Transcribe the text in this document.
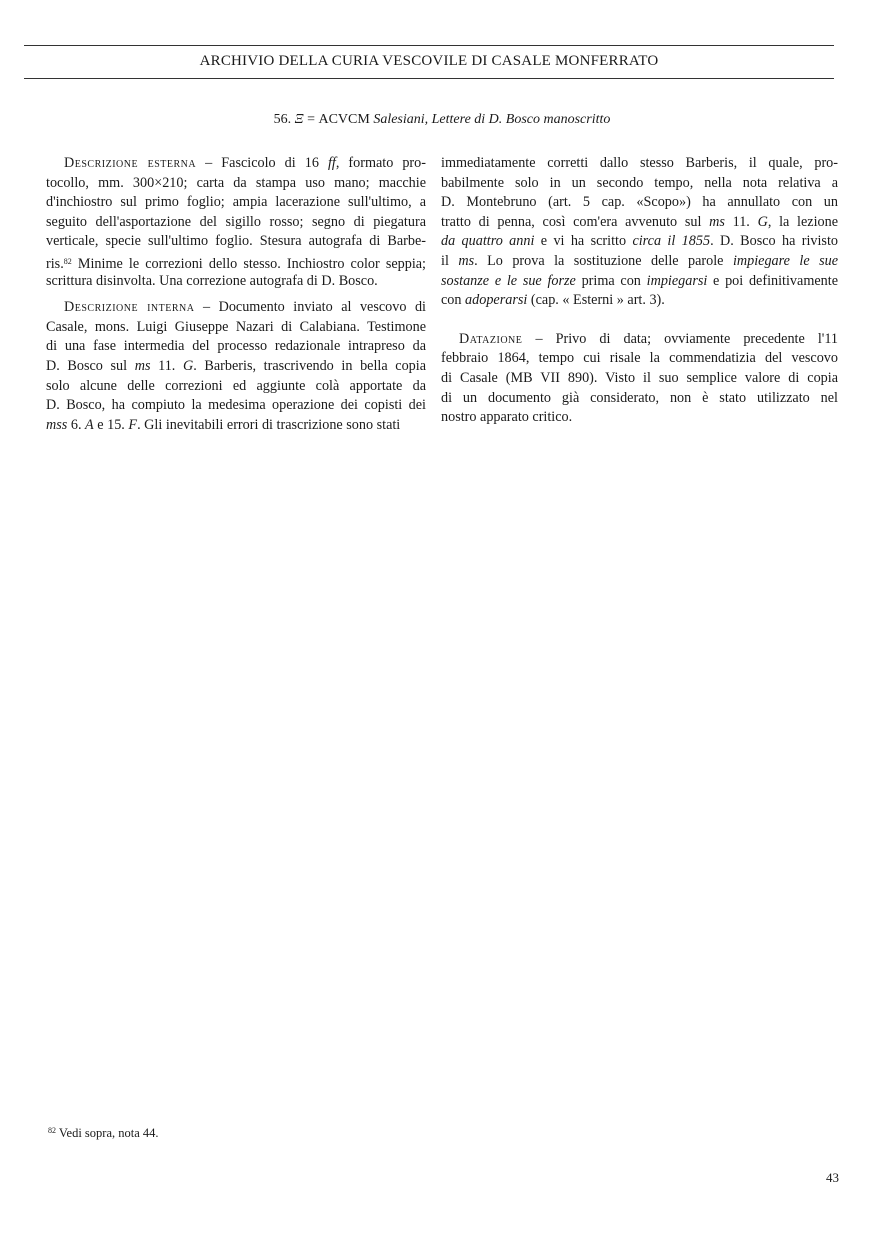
ARCHIVIO DELLA CURIA VESCOVILE DI CASALE MONFERRATO
56. Ξ = ACVCM Salesiani, Lettere di D. Bosco manoscritto
Descrizione esterna – Fascicolo di 16 ff, formato pro-
tocollo, mm. 300×210; carta da stampa uso mano; macchie
d'inchiostro sul primo foglio; ampia lacerazione sull'ultimo, a
seguito dell'asportazione del sigillo rosso; segno di piegatura
verticale, specie sull'ultimo foglio. Stesura autografa di Barbe-
ris.$^{82}$ Minime le correzioni dello stesso. Inchiostro color seppia;
scrittura disinvolta. Una correzione autografa di D. Bosco.
Descrizione interna – Documento inviato al vescovo di
Casale, mons. Luigi Giuseppe Nazari di Calabiana. Testimone
di una fase intermedia del processo redazionale intrapreso da
D. Bosco sul ms 11. G. Barberis, trascrivendo in bella copia
solo alcune delle correzioni ed aggiunte colà apportate da
D. Bosco, ha compiuto la medesima operazione dei copisti dei
mss 6. A e 15. F. Gli inevitabili errori di trascrizione sono stati
immediatamente corretti dallo stesso Barberis, il quale, pro-
babilmente solo in un secondo tempo, nella nota relativa a
D. Montebruno (art. 5 cap. «Scopo») ha annullato con un
tratto di penna, così com'era avvenuto sul ms 11. G, la lezione
da quattro anni e vi ha scritto circa il 1855. D. Bosco ha rivisto
il ms. Lo prova la sostituzione delle parole impiegare le sue
sostanze e le sue forze prima con impiegarsi e poi definitivamente
con adoperarsi (cap. « Esterni » art. 3).
Datazione – Privo di data; ovviamente precedente l'11
febbraio 1864, tempo cui risale la commendatizia del vescovo
di Casale (MB VII 890). Visto il suo semplice valore di copia
di un documento già considerato, non è stato utilizzato nel
nostro apparato critico.
$^{82}$ Vedi sopra, nota 44.
43
